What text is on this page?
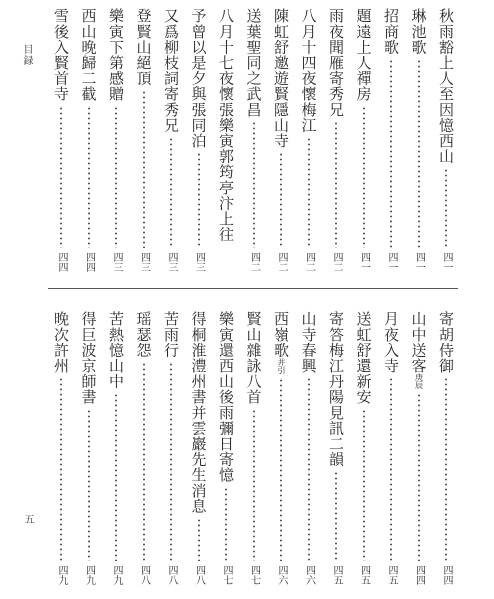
目録
五
秋雨豁上人至因憶西山
四一
琳池歌
四一
招商歌
四一
題遠上人禪房
四一
雨夜聞雁寄秀兄
四二
八月十四夜懷梅江
四二
陳虹舒邀遊賢隱山寺
四二
送葉聖同之武昌
四二
八月十七夜懷張樂寅郭筠亭汴上往
予曾以是夕與張同泊
四三
又爲柳枝詞寄秀兄
四三
登賢山絕頂
四三
樂寅下第感贈
四三
西山晚歸二截
四四
雪後入賢首寺
四四
寄胡侍御
四四
山中送客
庚辰
四四
月夜入寺
四五
送虹舒還新安
四五
寄答梅江丹陽見訊二韻
四五
山寺春興
四六
西嶺歌
并引
四六
賢山雜詠八首
四七
樂寅還西山後雨彌日寄憶
四七
得桐淮澧州書并雲巖先生消息
四八
苦雨行
四八
瑶瑟怨
四八
苦熱憶山中
四九
得巨波京師書
四九
晚次許州
四九
